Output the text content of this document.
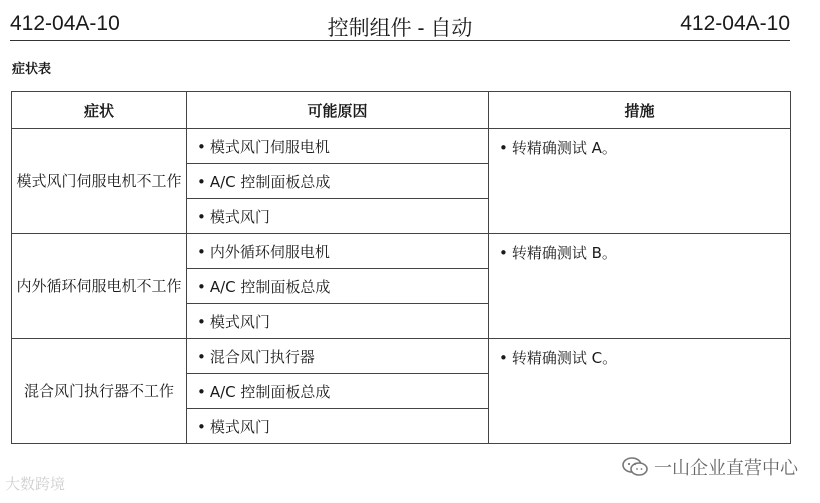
412-04A-10	控制组件 - 自动	412-04A-10
症状表
症状	可能原因	措施
模式风门伺服电机不工作	• 模式风门伺服电机	• 转精确测试 A。
	• A/C 控制面板总成	
	• 模式风门	
内外循环伺服电机不工作	• 内外循环伺服电机	• 转精确测试 B。
	• A/C 控制面板总成	
	• 模式风门	
混合风门执行器不工作	• 混合风门执行器	• 转精确测试 C。
	• A/C 控制面板总成	
	• 模式风门	
大数跨境
一山企业直营中心
